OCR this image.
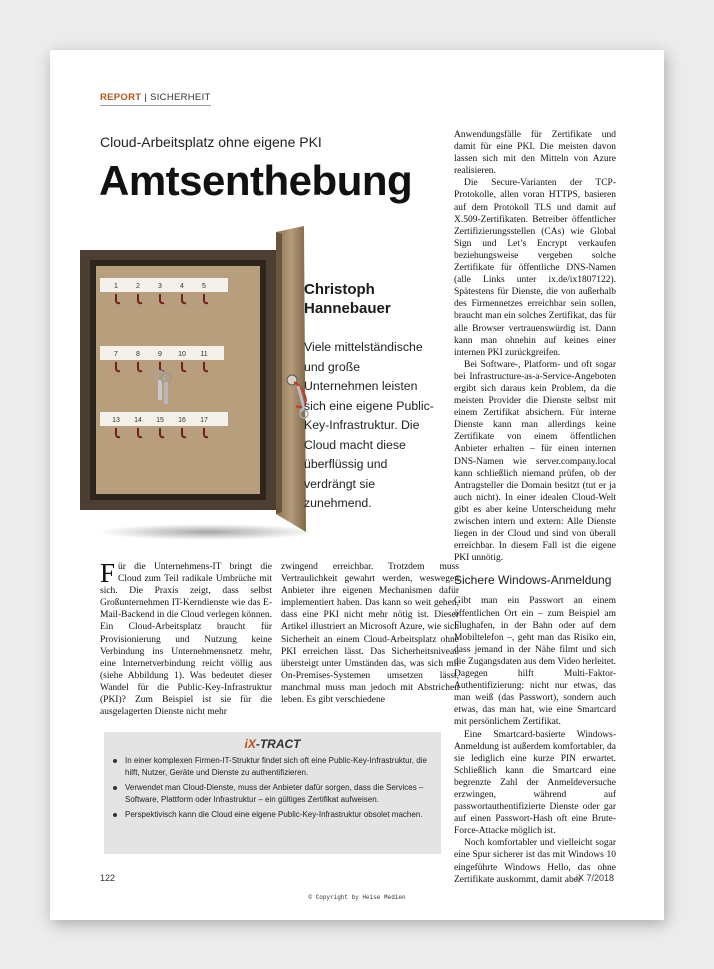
REPORT | SICHERHEIT
Cloud-Arbeitsplatz ohne eigene PKI
Amtsenthebung
1	2	3	4	5
7	8	9 10 11
13 14 15 16 17
Christoph Hannebauer
Viele mittelständische und große Unternehmen leisten sich eine eigene Public-Key-Infrastruktur. Die Cloud macht diese überflüssig und verdrängt sie zunehmend.

Für die Unternehmens-IT bringt die Cloud zum Teil radikale Umbrüche mit sich. Die Praxis zeigt, dass selbst Großunternehmen IT-Kerndienste wie das E-Mail-Backend in die Cloud verlegen können. Ein Cloud-Arbeitsplatz braucht für Provisionierung und Nutzung keine Verbindung ins Unternehmensnetz mehr, eine Internetverbindung reicht völlig aus (siehe Abbildung 1). Was bedeutet dieser Wandel für die Public-Key-Infrastruktur (PKI)? Zum Beispiel ist sie für die ausgelagerten Dienste nicht mehr

zwingend erreichbar. Trotzdem muss Vertraulichkeit gewahrt werden, weswegen Anbieter ihre eigenen Mechanismen dafür implementiert haben. Das kann so weit gehen, dass eine PKI nicht mehr nötig ist. Dieser Artikel illustriert an Microsoft Azure, wie sich Sicherheit an einem Cloud-Arbeitsplatz ohne PKI erreichen lässt. Das Sicherheitsniveau übersteigt unter Umständen das, was sich mit On-Premises-Systemen umsetzen lässt, manchmal muss man jedoch mit Abstrichen leben. Es gibt verschiedene

Anwendungsfälle für Zertifikate und damit für eine PKI. Die meisten davon lassen sich mit den Mitteln von Azure realisieren.

Die Secure-Varianten der TCP-Protokolle, allen voran HTTPS, basieren auf dem Protokoll TLS und damit auf X.509-Zertifikaten. Betreiber öffentlicher Zertifizierungsstellen (CAs) wie Global Sign und Let’s Encrypt verkaufen beziehungsweise vergeben solche Zertifikate für öffentliche DNS-Namen (alle Links unter ix.de/ix1807122). Spätestens für Dienste, die von außerhalb des Firmennetzes erreichbar sein sollen, braucht man ein solches Zertifikat, das für alle Browser vertrauenswürdig ist. Dann kann man ohnehin auf keines einer internen PKI zurückgreifen.

Bei Software-, Platform- und oft sogar bei Infrastructure-as-a-Service-Angeboten ergibt sich daraus kein Problem, da die meisten Provider die Dienste selbst mit einem Zertifikat absichern. Für interne Dienste kann man allerdings keine Zertifikate von einem öffentlichen Anbieter erhalten – für einen internen DNS-Namen wie server.company.local kann schließlich niemand prüfen, ob der Antragsteller die Domain besitzt (tut er ja auch nicht). In einer idealen Cloud-Welt gibt es aber keine Unterscheidung mehr zwischen intern und extern: Alle Dienste liegen in der Cloud und sind von überall erreichbar. In diesem Fall ist die eigene PKI unnötig.

Sichere Windows-Anmeldung

Gibt man ein Passwort an einem öffentlichen Ort ein – zum Beispiel am Flughafen, in der Bahn oder auf dem Mobiltelefon –, geht man das Risiko ein, dass jemand in der Nähe filmt und sich die Zugangsdaten aus dem Video herleitet. Dagegen hilft Multi-Faktor-Authentifizierung: nicht nur etwas, das man weiß (das Passwort), sondern auch etwas, das man hat, wie eine Smartcard mit persönlichem Zertifikat.

Eine Smartcard-basierte Windows-Anmeldung ist außerdem komfortabler, da sie lediglich eine kurze PIN erwartet. Schließlich kann die Smartcard eine begrenzte Zahl der Anmeldeversuche erzwingen, während auf passwortauthentifizierte Dienste oder gar auf einen Passwort-Hash oft eine Brute-Force-Attacke möglich ist.

Noch komfortabler und vielleicht sogar eine Spur sicherer ist das mit Windows 10 eingeführte Windows Hello, das ohne Zertifikate auskommt, damit aber

iX-TRACT
In einer komplexen Firmen-IT-Struktur findet sich oft eine Public-Key-Infrastruktur, die hilft, Nutzer, Geräte und Dienste zu authentifizieren.
Verwendet man Cloud-Dienste, muss der Anbieter dafür sorgen, dass die Services – Software, Plattform oder Infrastruktur – ein gültiges Zertifikat aufweisen.
Perspektivisch kann die Cloud eine eigene Public-Key-Infrastruktur obsolet machen.
122	iX 7/2018
© Copyright by Heise Medien
